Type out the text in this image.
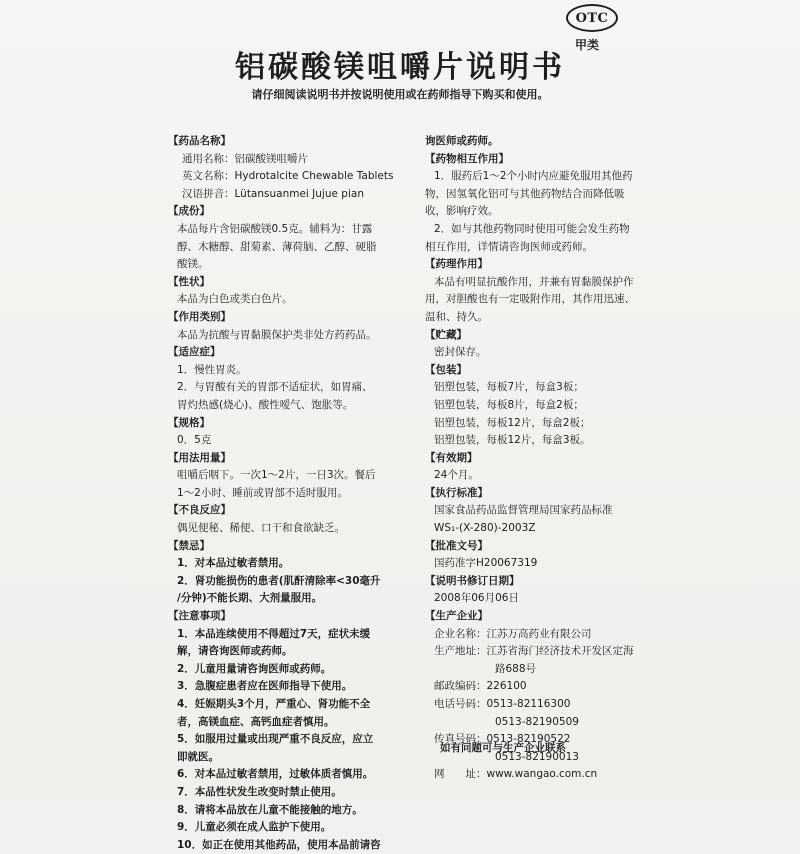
OTC
甲类
铝碳酸镁咀嚼片说明书
请仔细阅读说明书并按说明使用或在药师指导下购买和使用。
【药品名称】
通用名称：铝碳酸镁咀嚼片
英文名称：Hydrotalcite Chewable Tablets
汉语拼音：Lütansuanmei Jujue pian
【成份】
本品每片含铝碳酸镁0.5克。辅料为：甘露
醇、木糖醇、甜菊素、薄荷脑、乙醇、硬脂
酸镁。
【性状】
本品为白色或类白色片。
【作用类别】
本品为抗酸与胃黏膜保护类非处方药药品。
【适应症】
1．慢性胃炎。
2．与胃酸有关的胃部不适症状，如胃痛、
胃灼热感(烧心)、酸性嗳气、饱胀等。
【规格】
0．5克
【用法用量】
咀嚼后咽下。一次1～2片，一日3次。餐后
1～2小时、睡前或胃部不适时服用。
【不良反应】
偶见便秘、稀便、口干和食欲缺乏。
【禁忌】
1．对本品过敏者禁用。
2．肾功能损伤的患者(肌酐清除率<30毫升
/分钟)不能长期、大剂量服用。
【注意事项】
1．本品连续使用不得超过7天，症状未缓
解，请咨询医师或药师。
2．儿童用量请咨询医师或药师。
3．急腹症患者应在医师指导下使用。
4．妊娠期头3个月，严重心、肾功能不全
者，高镁血症、高钙血症者慎用。
5．如服用过量或出现严重不良反应，应立
即就医。
6．对本品过敏者禁用，过敏体质者慎用。
7．本品性状发生改变时禁止使用。
8．请将本品放在儿童不能接触的地方。
9．儿童必须在成人监护下使用。
10．如正在使用其他药品，使用本品前请咨
询医师或药师。
【药物相互作用】
1．服药后1～2个小时内应避免服用其他药
物，因氢氧化铝可与其他药物结合而降低吸
收，影响疗效。
2．如与其他药物同时使用可能会发生药物
相互作用，详情请咨询医师或药师。
【药理作用】
本品有明显抗酸作用，并兼有胃黏膜保护作
用，对胆酸也有一定吸附作用，其作用迅速、
温和、持久。
【贮藏】
密封保存。
【包装】
铝塑包装，每板7片，每盒3板；
铝塑包装，每板8片，每盒2板；
铝塑包装，每板12片，每盒2板；
铝塑包装，每板12片，每盒3板。
【有效期】
24个月。
【执行标准】
国家食品药品监督管理局国家药品标准
WS₁-(X-280)-2003Z
【批准文号】
国药准字H20067319
【说明书修订日期】
2008年06月06日
【生产企业】
企业名称：江苏万高药业有限公司
生产地址：江苏省海门经济技术开发区定海
路688号
邮政编码：226100
电话号码：0513-82116300
0513-82190509
传真号码：0513-82190522
0513-82190013
网　　址：www.wangao.com.cn
如有问题可与生产企业联系
